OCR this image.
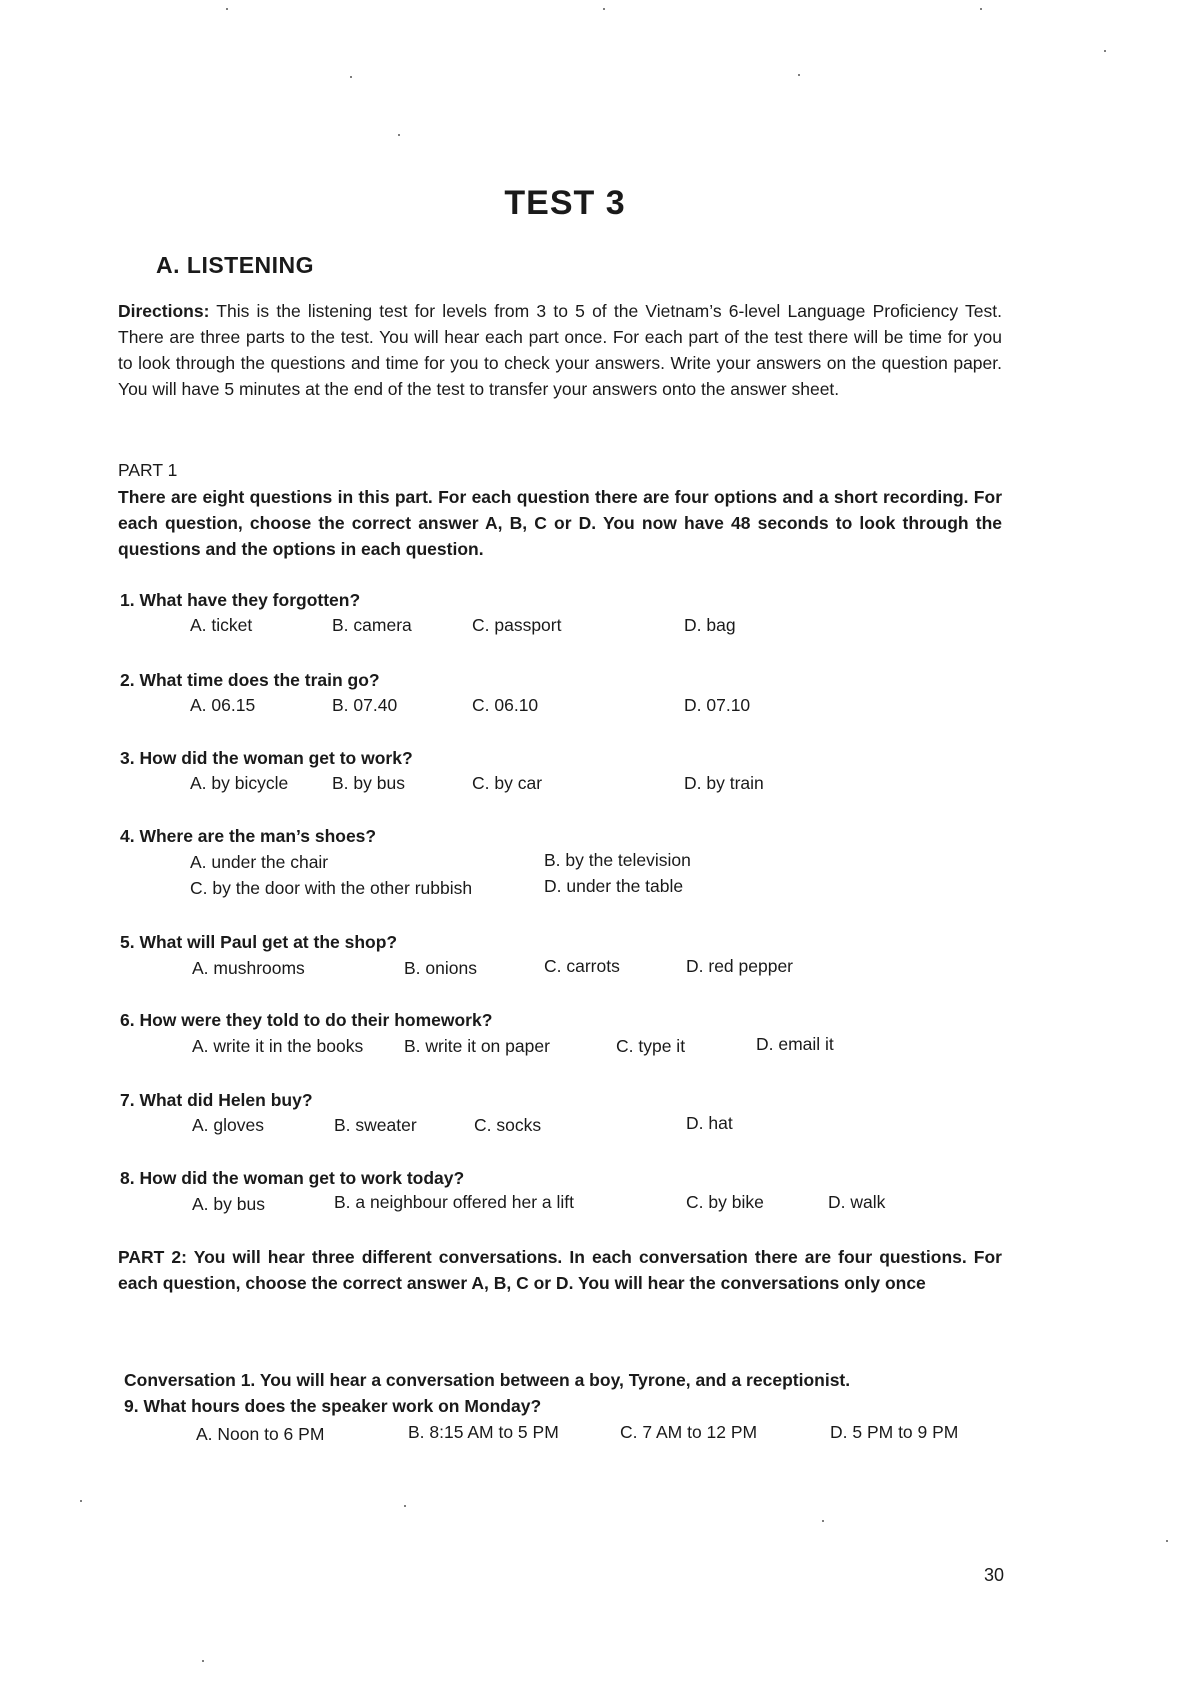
TEST 3
A. LISTENING
Directions: This is the listening test for levels from 3 to 5 of the Vietnam’s 6-level Language Proficiency Test. There are three parts to the test. You will hear each part once. For each part of the test there will be time for you to look through the questions and time for you to check your answers. Write your answers on the question paper. You will have 5 minutes at the end of the test to transfer your answers onto the answer sheet.
PART 1
There are eight questions in this part. For each question there are four options and a short recording. For each question, choose the correct answer A, B, C or D. You now have 48 seconds to look through the questions and the options in each question.
1. What have they forgotten?
A. ticket	B. camera	C. passport	D. bag
2. What time does the train go?
A. 06.15	B. 07.40	C. 06.10	D. 07.10
3. How did the woman get to work?
A. by bicycle	B. by bus	C. by car	D. by train
4. Where are the man’s shoes?
A. under the chair	B. by the television
C. by the door with the other rubbish	D. under the table
5. What will Paul get at the shop?
A. mushrooms	B. onions	C. carrots	D. red pepper
6. How were they told to do their homework?
A. write it in the books B. write it on paper	C. type it	D. email it
7. What did Helen buy?
A. gloves	B. sweater	C. socks	D. hat
8. How did the woman get to work today?
A. by bus	B. a neighbour offered her a lift	C. by bike	D. walk
PART 2: You will hear three different conversations. In each conversation there are four questions. For each question, choose the correct answer A, B, C or D. You will hear the conversations only once
Conversation 1. You will hear a conversation between a boy, Tyrone, and a receptionist.
9. What hours does the speaker work on Monday?
A. Noon to 6 PM	B. 8:15 AM to 5 PM	C. 7 AM to 12 PM	D. 5 PM to 9 PM
30
